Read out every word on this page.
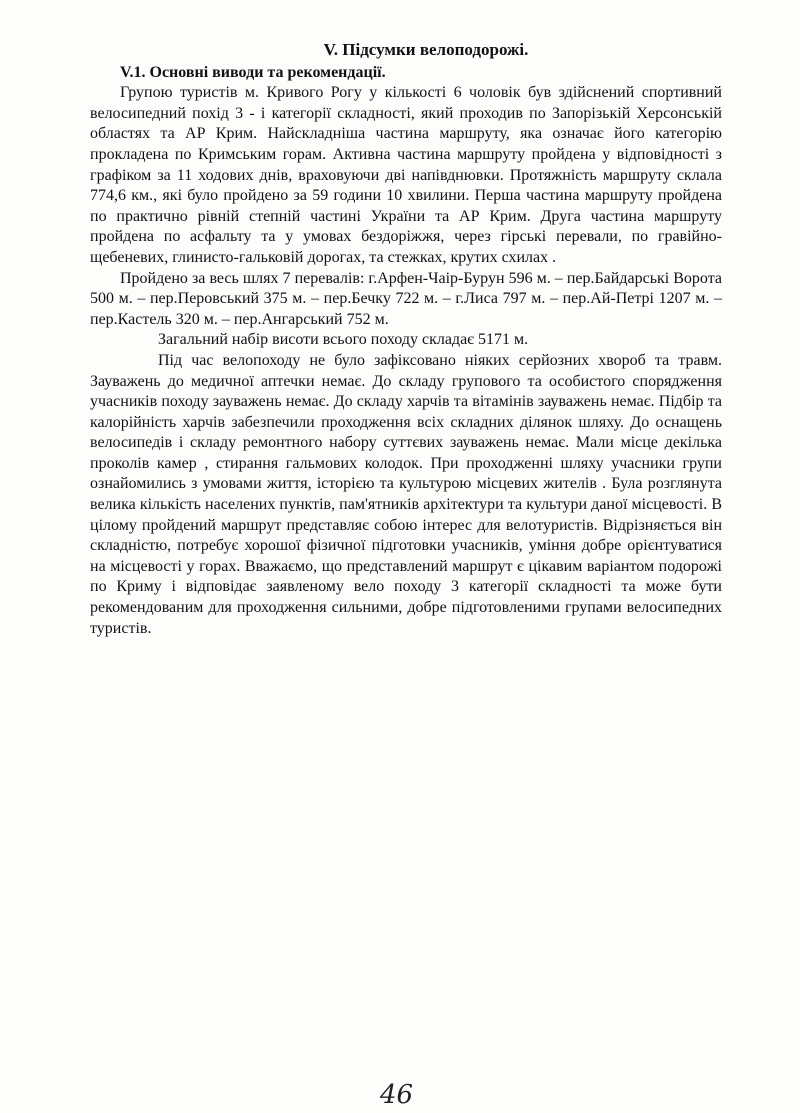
V. Підсумки велоподорожі.
V.1. Основні виводи та рекомендації.

Групою туристів м. Кривого Рогу у кількості 6 чоловік був здійснений спортивний велосипедний похід 3 - і категорії складності, який проходив по Запорізькій Херсонській областях та АР Крим. Найскладніша частина маршруту, яка означає його категорію прокладена по Кримським горам. Активна частина маршруту пройдена у відповідності з графіком за 11 ходових днів, враховуючи дві напівднювки. Протяжність маршруту склала 774,6 км., які було пройдено за 59 години 10 хвилини. Перша частина маршруту пройдена по практично рівній степній частині України та АР Крим. Друга частина маршруту пройдена по асфальту та у умовах бездоріжжя, через гірські перевали, по гравійно-щебеневих, глинисто-гальковій дорогах, та стежках, крутих схилах .

Пройдено за весь шлях 7 перевалів: г.Арфен-Чаір-Бурун 596 м. – пер.Байдарські Ворота 500 м. – пер.Перовський 375 м. – пер.Бечку 722 м. – г.Лиса 797 м. – пер.Ай-Петрі 1207 м. – пер.Кастель 320 м. – пер.Ангарський 752 м.

Загальний набір висоти всього походу складає 5171 м.

Під час велопоходу не було зафіксовано ніяких серйозних хвороб та травм. Зауважень до медичної аптечки немає. До складу групового та особистого спорядження учасників походу зауважень немає. До складу харчів та вітамінів зауважень немає. Підбір та калорійність харчів забезпечили проходження всіх складних ділянок шляху. До оснащень велосипедів і складу ремонтного набору суттєвих зауважень немає. Мали місце декілька проколів камер , стирання гальмових колодок. При проходженні шляху учасники групи ознайомились з умовами життя, історією та культурою місцевих жителів . Була розглянута велика кількість населених пунктів, пам'ятників архітектури та культури даної місцевості. В цілому пройдений маршрут представляє собою інтерес для велотуристів. Відрізняється він складністю, потребує хорошої фізичної підготовки учасників, уміння добре орієнтуватися на місцевості у горах. Вважаємо, що представлений маршрут є цікавим варіантом подорожі по Криму і відповідає заявленому вело походу 3 категорії складності та може бути рекомендованим для проходження сильними, добре підготовленими групами велосипедних туристів.

46
